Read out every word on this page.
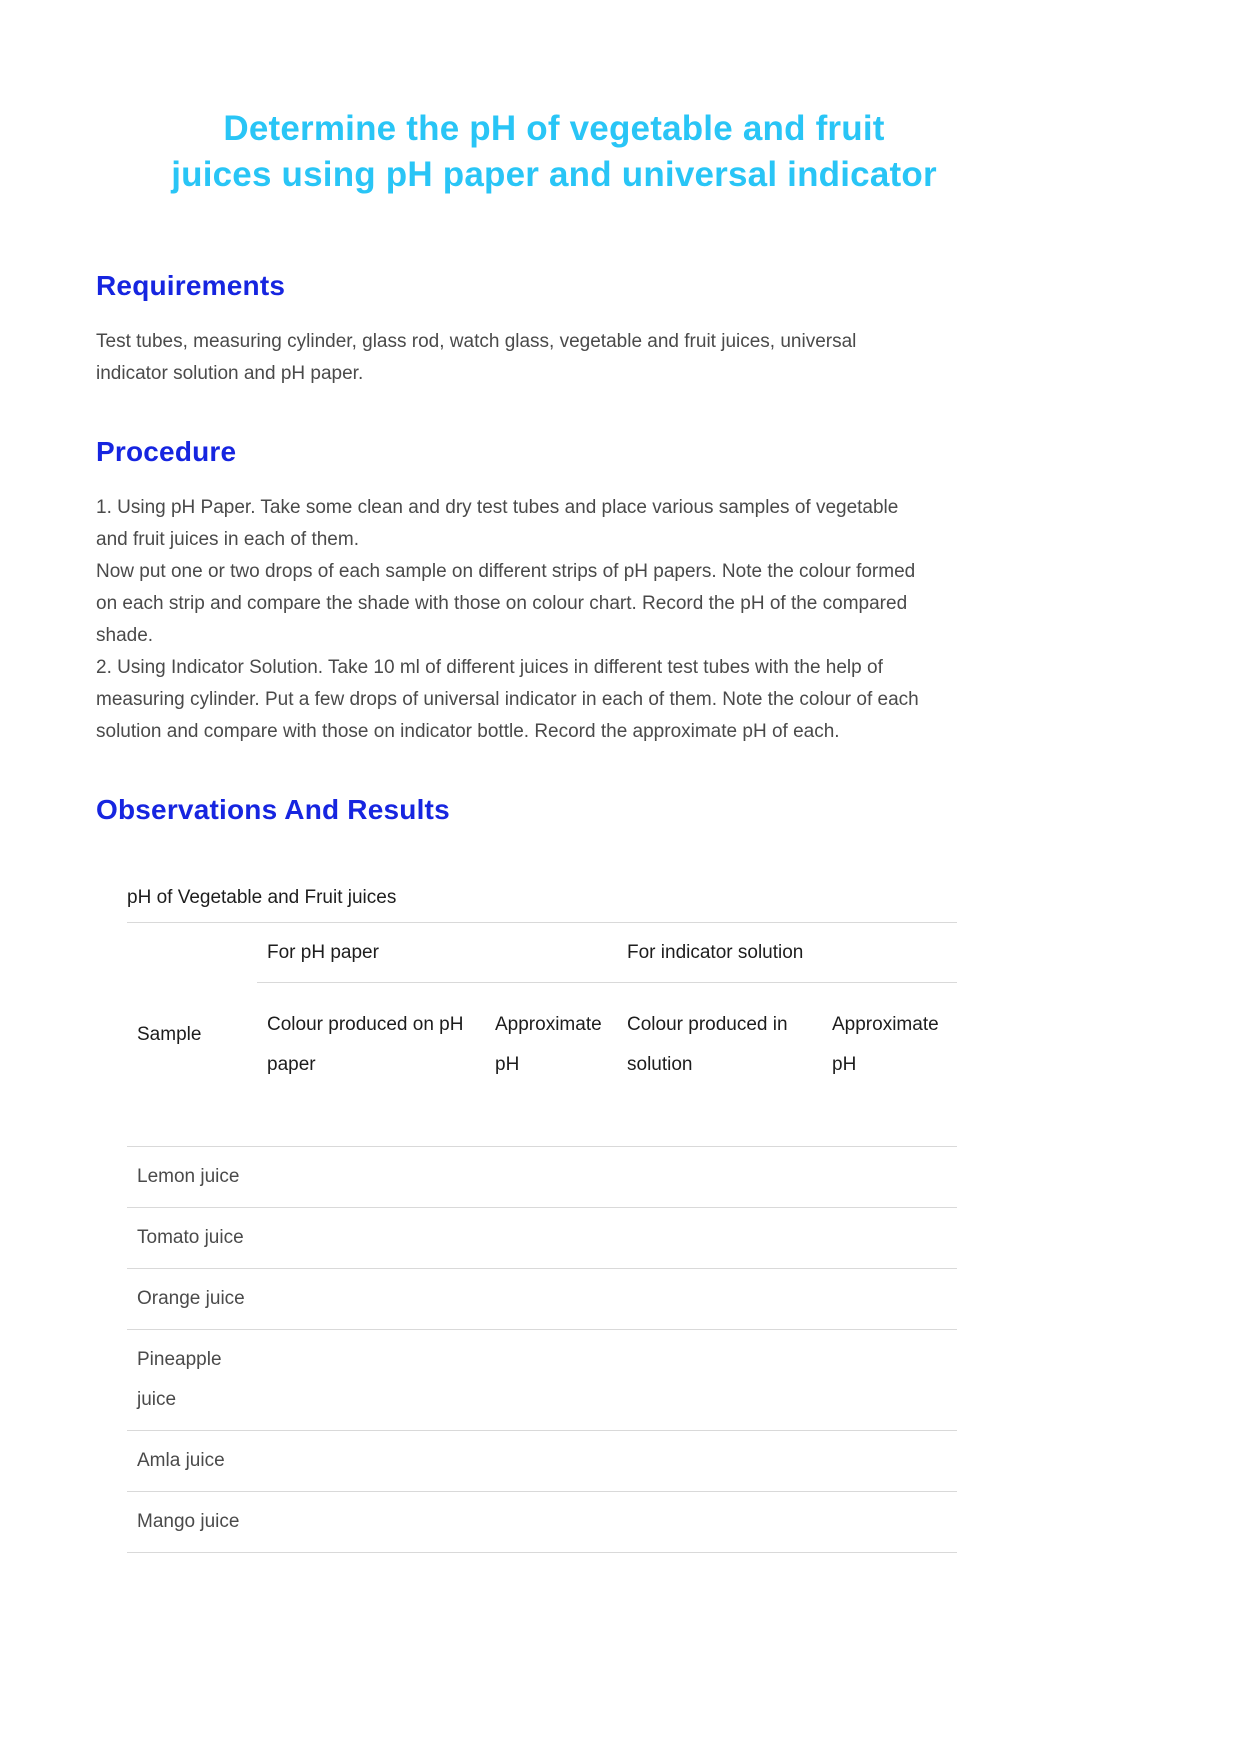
Determine the pH of vegetable and fruit
juices using pH paper and universal indicator
Requirements

Test tubes, measuring cylinder, glass rod, watch glass, vegetable and fruit juices, universal indicator solution and pH paper.

Procedure

1. Using pH Paper. Take some clean and dry test tubes and place various samples of vegetable and fruit juices in each of them.

Now put one or two drops of each sample on different strips of pH papers. Note the colour formed on each strip and compare the shade with those on colour chart. Record the pH of the compared shade.

2. Using Indicator Solution. Take 10 ml of different juices in different test tubes with the help of measuring cylinder. Put a few drops of universal indicator in each of them. Note the colour of each solution and compare with those on indicator bottle. Record the approximate pH of each.

Observations And Results
pH of Vegetable and Fruit juices				
Sample	For pH paper		For indicator solution	
	Colour produced on pH paper	Approximate pH	Colour produced in solution	Approximate pH
Lemon juice				
Tomato juice				
Orange juice				
Pineapple juice				
Amla juice				
Mango juice				
